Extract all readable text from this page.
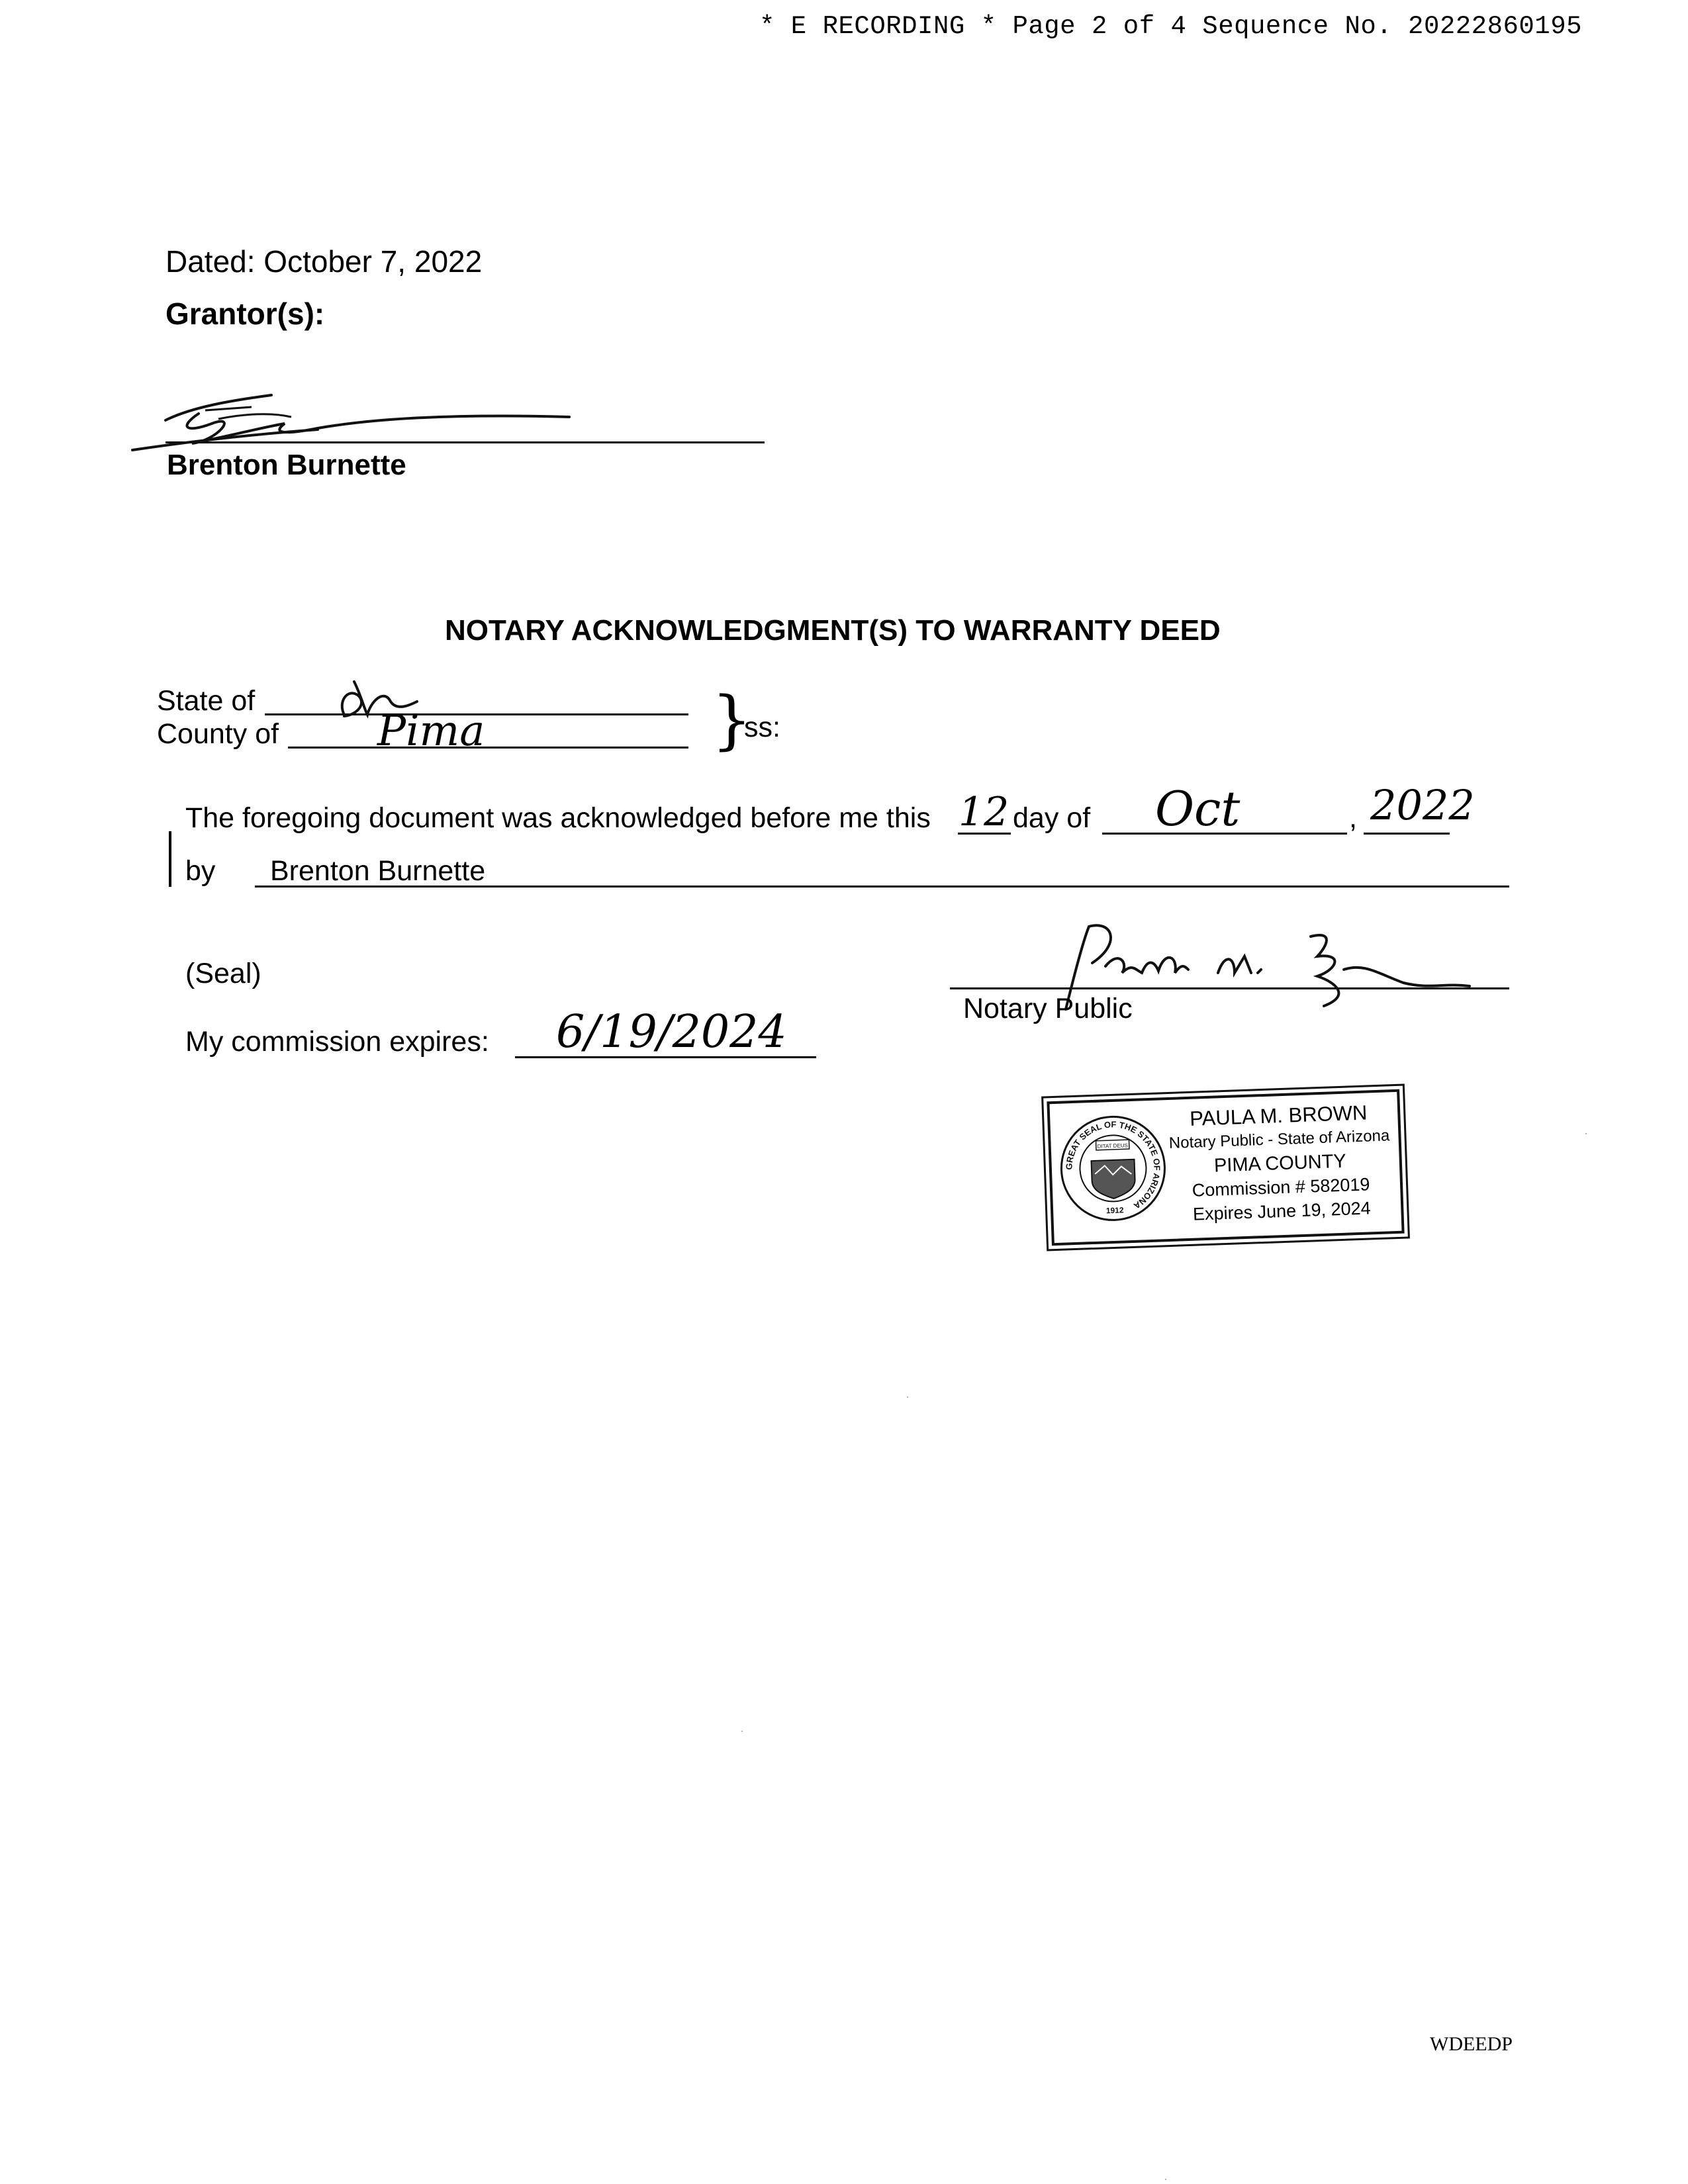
* E RECORDING * Page 2 of 4 Sequence No. 20222860195
Dated: October 7, 2022
Grantor(s):
Brenton Burnette
NOTARY ACKNOWLEDGMENT(S) TO WARRANTY DEED
State of
County of Pima	}
ss:
The foregoing document was acknowledged before me this 12 day of Oct	, 2022
by Brenton Burnette
(Seal)
Notary Public
My commission expires: 6/19/2024
GREAT SEAL OF THE STATE OF ARIZONA
DITAT DEUS
1912
PAULA M. BROWN
Notary Public - State of Arizona
PIMA COUNTY
Commission # 582019
Expires June 19, 2024
WDEEDP
